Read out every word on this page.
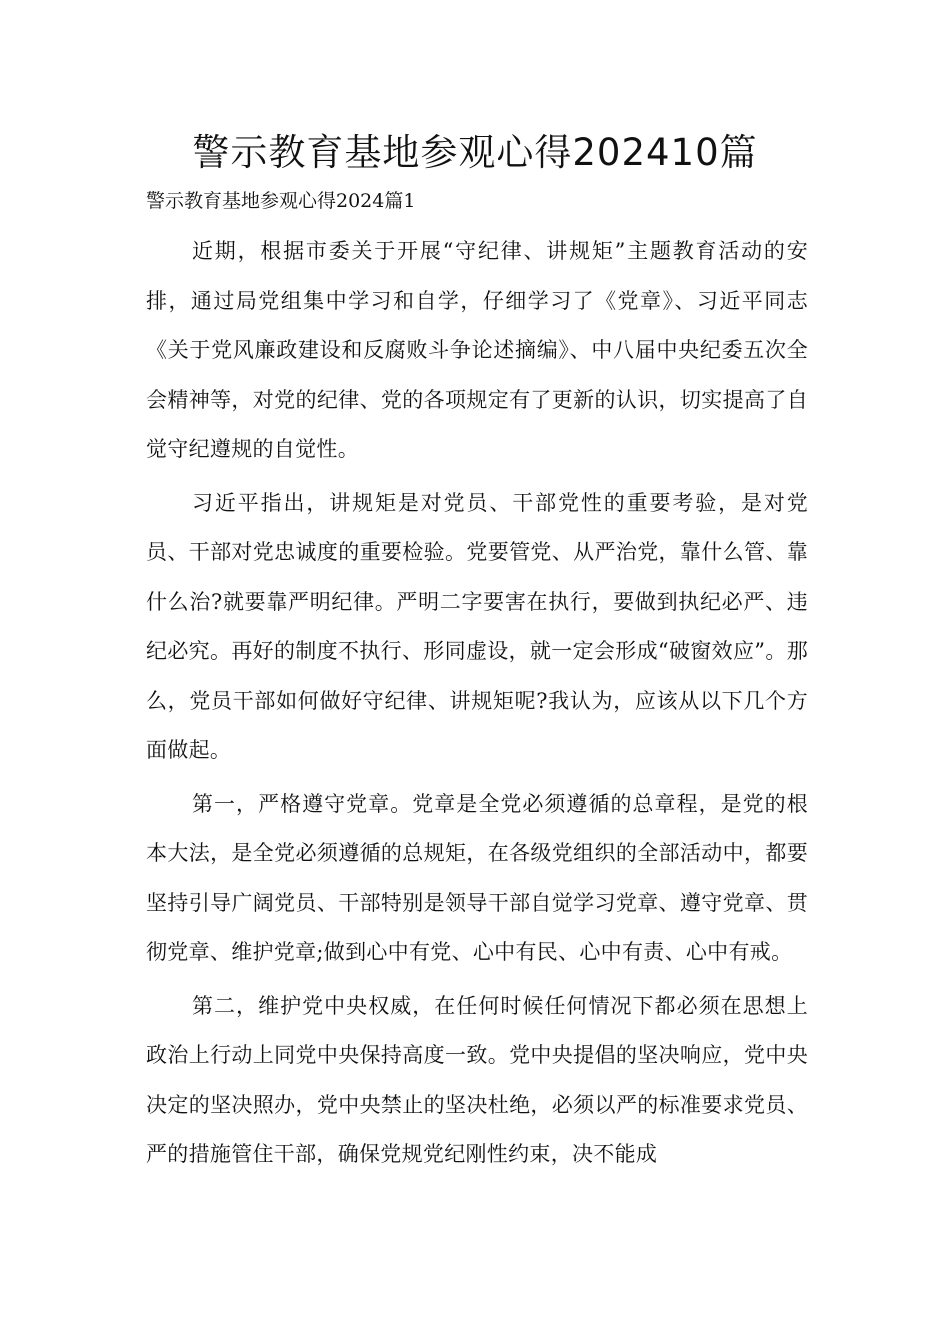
警示教育基地参观心得202410篇

警示教育基地参观心得2024篇1

近期，根据市委关于开展“守纪律、讲规矩”主题教育活动的安排，通过局党组集中学习和自学，仔细学习了《党章》、习近平同志《关于党风廉政建设和反腐败斗争论述摘编》、中八届中央纪委五次全会精神等，对党的纪律、党的各项规定有了更新的认识，切实提高了自觉守纪遵规的自觉性。

习近平指出，讲规矩是对党员、干部党性的重要考验，是对党员、干部对党忠诚度的重要检验。党要管党、从严治党，靠什么管、靠什么治?就要靠严明纪律。严明二字要害在执行，要做到执纪必严、违纪必究。再好的制度不执行、形同虚设，就一定会形成“破窗效应”。那么，党员干部如何做好守纪律、讲规矩呢?我认为，应该从以下几个方面做起。

第一，严格遵守党章。党章是全党必须遵循的总章程，是党的根本大法，是全党必须遵循的总规矩，在各级党组织的全部活动中，都要坚持引导广阔党员、干部特别是领导干部自觉学习党章、遵守党章、贯彻党章、维护党章;做到心中有党、心中有民、心中有责、心中有戒。

第二，维护党中央权威，在任何时候任何情况下都必须在思想上政治上行动上同党中央保持高度一致。党中央提倡的坚决响应，党中央决定的坚决照办，党中央禁止的坚决杜绝，必须以严的标准要求党员、严的措施管住干部，确保党规党纪刚性约束，决不能成
